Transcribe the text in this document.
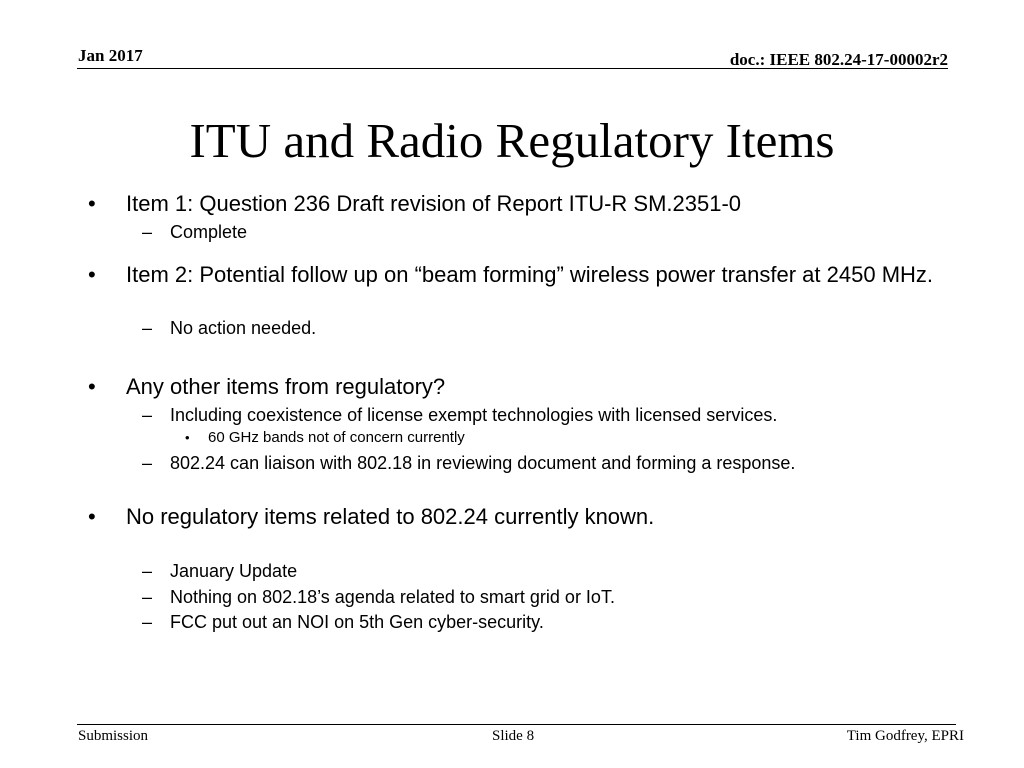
Jan 2017	doc.: IEEE 802.24-17-00002r2
ITU and Radio Regulatory Items
• Item 1: Question 236 Draft revision of Report ITU-R SM.2351-0
– Complete
• Item 2: Potential follow up on “beam forming” wireless power transfer at 2450 MHz.
– No action needed.
• Any other items from regulatory?
– Including coexistence of license exempt technologies with licensed services.
• 60 GHz bands not of concern currently
– 802.24 can liaison with 802.18 in reviewing document and forming a response.
• No regulatory items related to 802.24 currently known.
– January Update
– Nothing on 802.18’s agenda related to smart grid or IoT.
– FCC put out an NOI on 5th Gen cyber-security.
Submission	Slide 8	Tim Godfrey, EPRI
